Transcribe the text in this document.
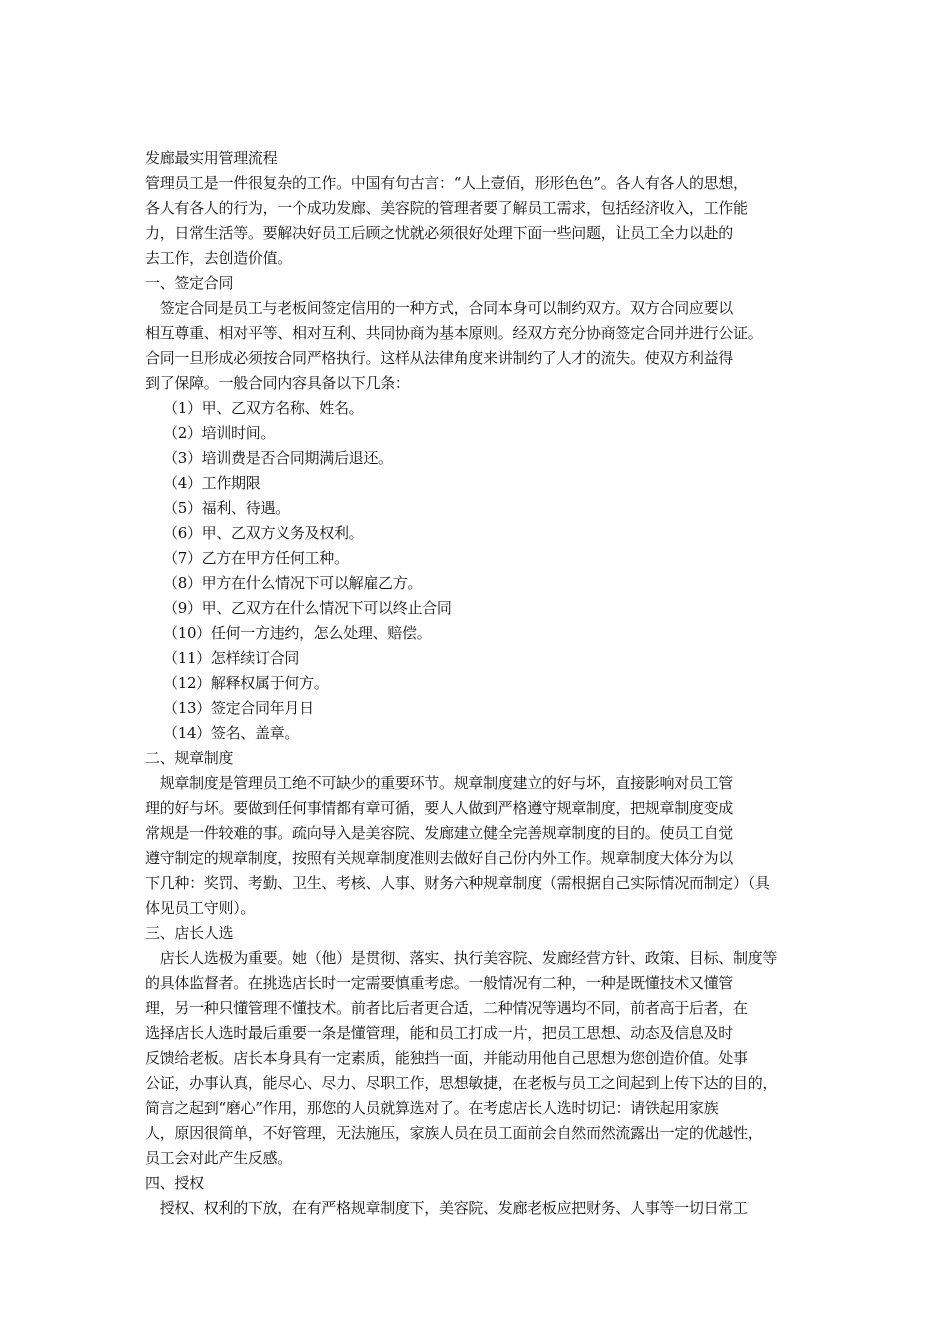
发廊最实用管理流程
管理员工是一件很复杂的工作。中国有句古言：“人上壹佰，形形色色”。各人有各人的思想，
各人有各人的行为，一个成功发廊、美容院的管理者要了解员工需求，包括经济收入，工作能
力，日常生活等。要解决好员工后顾之忧就必须很好处理下面一些问题，让员工全力以赴的
去工作，去创造价值。
一、签定合同
　签定合同是员工与老板间签定信用的一种方式，合同本身可以制约双方。双方合同应要以
相互尊重、相对平等、相对互利、共同协商为基本原则。经双方充分协商签定合同并进行公证。
合同一旦形成必须按合同严格执行。这样从法律角度来讲制约了人才的流失。使双方利益得
到了保障。一般合同内容具备以下几条：
（1）甲、乙双方名称、姓名。
（2）培训时间。
（3）培训费是否合同期满后退还。
（4）工作期限
（5）福利、待遇。
（6）甲、乙双方义务及权利。
（7）乙方在甲方任何工种。
（8）甲方在什么情况下可以解雇乙方。
（9）甲、乙双方在什么情况下可以终止合同
（10）任何一方违约，怎么处理、赔偿。
（11）怎样续订合同
（12）解释权属于何方。
（13）签定合同年月日
（14）签名、盖章。
二、规章制度
　规章制度是管理员工绝不可缺少的重要环节。规章制度建立的好与坏，直接影响对员工管
理的好与坏。要做到任何事情都有章可循，要人人做到严格遵守规章制度，把规章制度变成
常规是一件较难的事。疏向导入是美容院、发廊建立健全完善规章制度的目的。使员工自觉
遵守制定的规章制度，按照有关规章制度准则去做好自己份内外工作。规章制度大体分为以
下几种：奖罚、考勤、卫生、考核、人事、财务六种规章制度（需根据自己实际情况而制定）（具
体见员工守则）。
三、店长人选
　店长人选极为重要。她（他）是贯彻、落实、执行美容院、发廊经营方针、政策、目标、制度等
的具体监督者。在挑选店长时一定需要慎重考虑。一般情况有二种，一种是既懂技术又懂管
理，另一种只懂管理不懂技术。前者比后者更合适，二种情况等遇均不同，前者高于后者，在
选择店长人选时最后重要一条是懂管理，能和员工打成一片，把员工思想、动态及信息及时
反馈给老板。店长本身具有一定素质，能独挡一面，并能动用他自己思想为您创造价值。处事
公证，办事认真，能尽心、尽力、尽职工作，思想敏捷，在老板与员工之间起到上传下达的目的，
简言之起到“磨心”作用，那您的人员就算选对了。在考虑店长人选时切记：请铁起用家族
人，原因很简单，不好管理，无法施压，家族人员在员工面前会自然而然流露出一定的优越性，
员工会对此产生反感。
四、授权
　授权、权利的下放，在有严格规章制度下，美容院、发廊老板应把财务、人事等一切日常工
